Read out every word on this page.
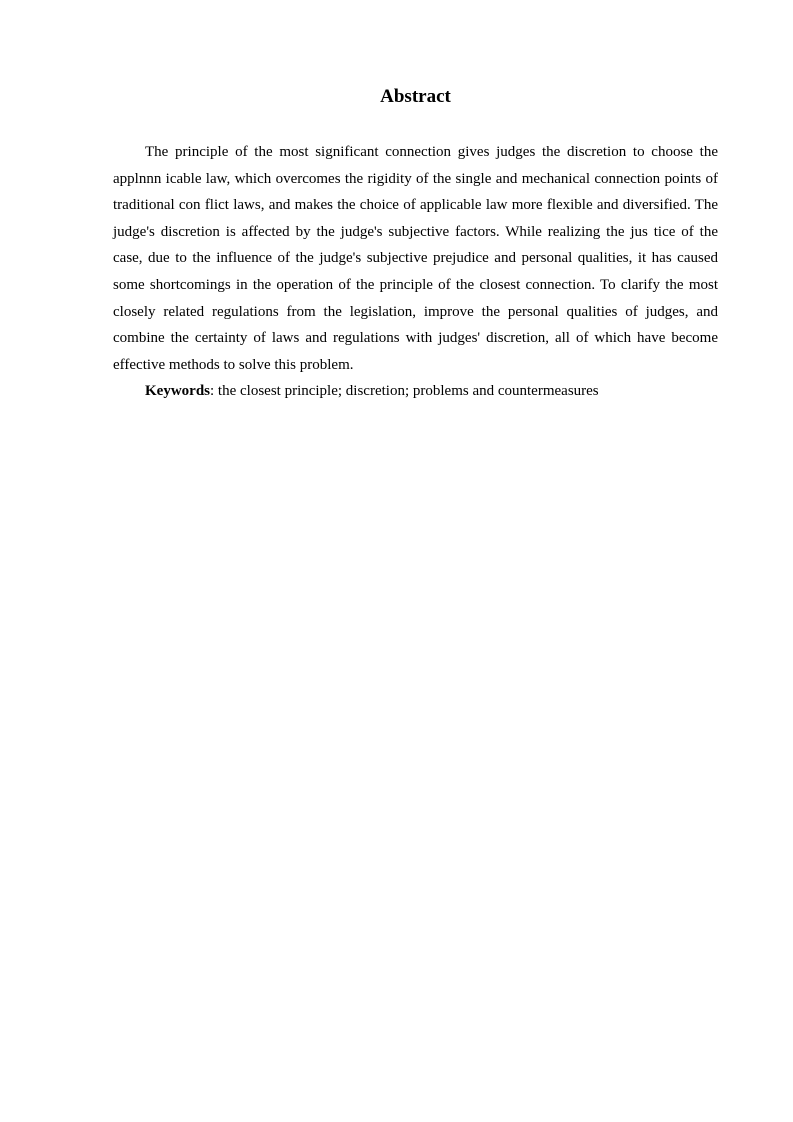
Abstract

The principle of the most significant connection gives judges the discretion to choose the applnnn icable law, which overcomes the rigidity of the single and mechanical connection points of traditional con flict laws, and makes the choice of applicable law more flexible and diversified. The judge's discretion is affected by the judge's subjective factors. While realizing the jus tice of the case, due to the influence of the judge's subjective prejudice and personal qualities, it has caused some shortcomings in the operation of the principle of the closest connection. To clarify the most closely related regulations from the legislation, improve the personal qualities of judges, and combine the certainty of laws and regulations with judges' discretion, all of which have become effective methods to solve this problem.

Keywords: the closest principle; discretion; problems and countermeasures
